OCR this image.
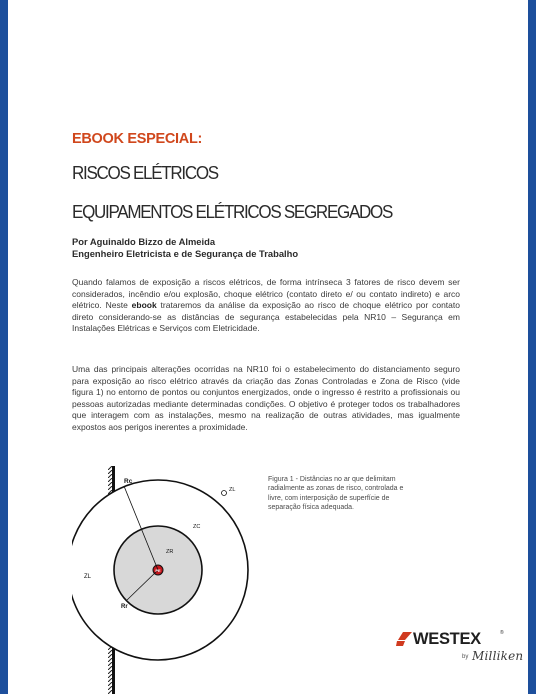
EBOOK ESPECIAL:
RISCOS ELÉTRICOS
EQUIPAMENTOS ELÉTRICOS SEGREGADOS
Por Aguinaldo Bizzo de Almeida
Engenheiro Eletricista e de Segurança de Trabalho
Quando falamos de exposição a riscos elétricos, de forma intrínseca 3 fatores de risco devem ser considerados, incêndio e/ou explosão, choque elétrico (contato direto e/ ou contato indireto) e arco elétrico. Neste ebook trataremos da análise da exposição ao risco de choque elétrico por contato direto considerando-se as distâncias de segurança estabelecidas pela NR10 – Segurança em Instalações Elétricas e Serviços com Eletricidade.
Uma das principais alterações ocorridas na NR10 foi o estabelecimento do distanciamento seguro para exposição ao risco elétrico através da criação das Zonas Controladas e Zona de Risco (vide figura 1) no entorno de pontos ou conjuntos energizados, onde o ingresso é restrito a profissionais ou pessoas autorizadas mediante determinadas condições. O objetivo é proteger todos os trabalhadores que interagem com as instalações, mesmo na realização de outras atividades, mas igualmente expostos aos perigos inerentes a proximidade.
Rc
ZL
ZC
ZR
PE
Rr
ZL
Figura 1 - Distâncias no ar que delimitam radialmente as zonas de risco, controlada e livre, com interposição de superfície de separação física adequada.
WESTEX	®
by Milliken
